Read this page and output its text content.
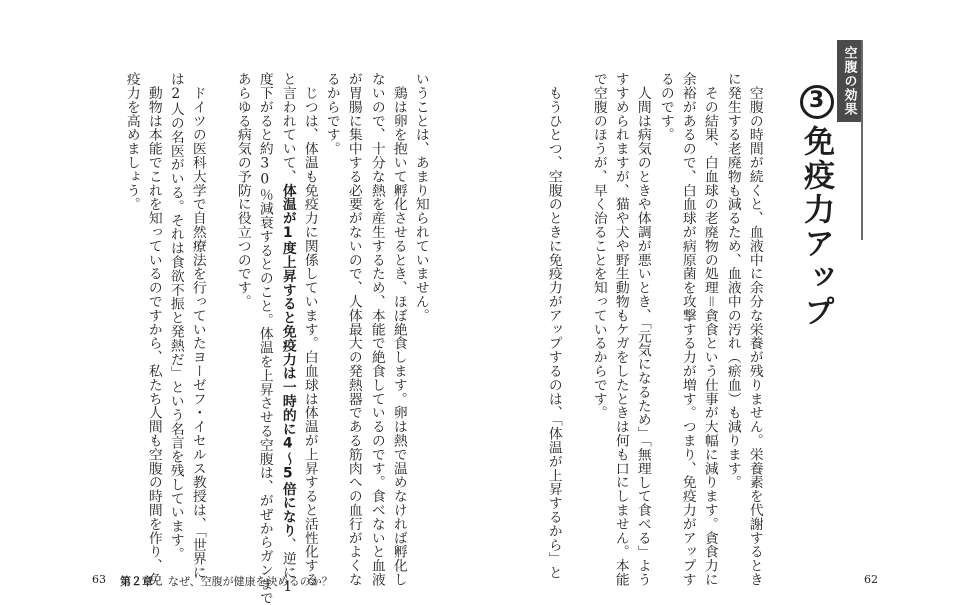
空腹の効果
3
免疫力アップ
　空腹の時間が続くと、血液中に余分な栄養が残りません。栄養素を代謝するとき
に発生する老廃物も減るため、血液中の汚れ（瘀血）も減ります。
　その結果、白血球の老廃物の処理＝貪食という仕事が大幅に減ります。貪食力に
余裕があるので、白血球が病原菌を攻撃する力が増す。つまり、免疫力がアップす
るのです。
　人間は病気のときや体調が悪いとき、「元気になるため」「無理して食べる」よう
すすめられますが、猫や犬や野生動物もケガをしたときは何も口にしません。本能
で空腹のほうが、早く治ることを知っているからです。
　もうひとつ、空腹のときに免疫力がアップするのは、「体温が上昇するから」と
62
いうことは、あまり知られていません。
　鶏は卵を抱いて孵化させるとき、ほぼ絶食します。卵は熱で温めなければ孵化し
ないので、十分な熱を産生するため、本能で絶食しているのです。食べないと血液
が胃腸に集中する必要がないので、人体最大の発熱器である筋肉への血行がよくな
るからです。
　じつは、体温も免疫力に関係しています。白血球は体温が上昇すると活性化する
と言われていて、体温が1度上昇すると免疫力は一時的に4～5倍になり、逆に1
度下がると約30％減衰するとのこと。体温を上昇させる空腹は、がぜからガンまで
あらゆる病気の予防に役立つのです。
　ドイツの医科大学で自然療法を行っていたヨーゼフ・イセルス教授は、「世界に
は2人の名医がいる。それは食欲不振と発熱だ」という名言を残しています。
　動物は本能でこれを知っているのですから、私たち人間も空腹の時間を作り、免
疫力を高めましょう。
63 第２章 なぜ、空腹が健康を決めるのか？
